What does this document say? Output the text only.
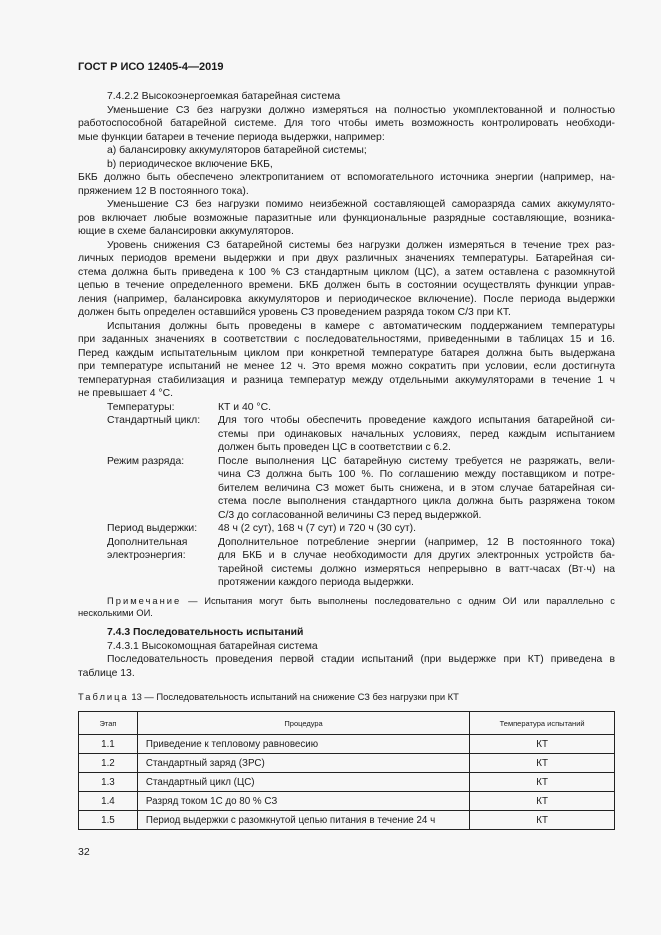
ГОСТ Р ИСО 12405-4—2019
7.4.2.2 Высокоэнергоемкая батарейная система
Уменьшение СЗ без нагрузки должно измеряться на полностью укомплектованной и полностью
работоспособной батарейной системе. Для того чтобы иметь возможность контролировать необходи-
мые функции батареи в течение периода выдержки, например:
a) балансировку аккумуляторов батарейной системы;
b) периодическое включение БКБ,
БКБ должно быть обеспечено электропитанием от вспомогательного источника энергии (например, на-
пряжением 12 В постоянного тока).
Уменьшение СЗ без нагрузки помимо неизбежной составляющей саморазряда самих аккумулято-
ров включает любые возможные паразитные или функциональные разрядные составляющие, возника-
ющие в схеме балансировки аккумуляторов.
Уровень снижения СЗ батарейной системы без нагрузки должен измеряться в течение трех раз-
личных периодов времени выдержки и при двух различных значениях температуры. Батарейная си-
стема должна быть приведена к 100 % СЗ стандартным циклом (ЦС), а затем оставлена с разомкнутой
цепью в течение определенного времени. БКБ должен быть в состоянии осуществлять функции управ-
ления (например, балансировка аккумуляторов и периодическое включение). После периода выдержки
должен быть определен оставшийся уровень СЗ проведением разряда током C/3 при КТ.
Испытания должны быть проведены в камере с автоматическим поддержанием температуры
при заданных значениях в соответствии с последовательностями, приведенными в таблицах 15 и 16.
Перед каждым испытательным циклом при конкретной температуре батарея должна быть выдержана
при температуре испытаний не менее 12 ч. Это время можно сократить при условии, если достигнута
температурная стабилизация и разница температур между отдельными аккумуляторами в течение 1 ч
не превышает 4 °С.
Температуры:	КТ и 40 °С.
Стандартный цикл:	Для того чтобы обеспечить проведение каждого испытания батарейной си-
стемы при одинаковых начальных условиях, перед каждым испытанием
должен быть проведен ЦС в соответствии с 6.2.
Режим разряда:	После выполнения ЦС батарейную систему требуется не разряжать, вели-
чина СЗ должна быть 100 %. По соглашению между поставщиком и потре-
бителем величина СЗ может быть снижена, и в этом случае батарейная си-
стема после выполнения стандартного цикла должна быть разряжена током
C/3 до согласованной величины СЗ перед выдержкой.
Период выдержки:	48 ч (2 сут), 168 ч (7 сут) и 720 ч (30 сут).
Дополнительная
электроэнергия:
Дополнительное потребление энергии (например, 12 В постоянного тока)
для БКБ и в случае необходимости для других электронных устройств ба-
тарейной системы должно измеряться непрерывно в ватт-часах (Вт·ч) на
протяжении каждого периода выдержки.
Примечание — Испытания могут быть выполнены последовательно с одним ОИ или параллельно с
несколькими ОИ.
7.4.3 Последовательность испытаний
7.4.3.1 Высокомощная батарейная система
Последовательность проведения первой стадии испытаний (при выдержке при КТ) приведена в
таблице 13.
Таблица 13 — Последовательность испытаний на снижение СЗ без нагрузки при КТ
Этап	Процедура	Температура испытаний
1.1	Приведение к тепловому равновесию	КТ
1.2	Стандартный заряд (ЗРС)	КТ
1.3	Стандартный цикл (ЦС)	КТ
1.4	Разряд током 1C до 80 % СЗ	КТ
1.5	Период выдержки с разомкнутой цепью питания в течение 24 ч	КТ
32
